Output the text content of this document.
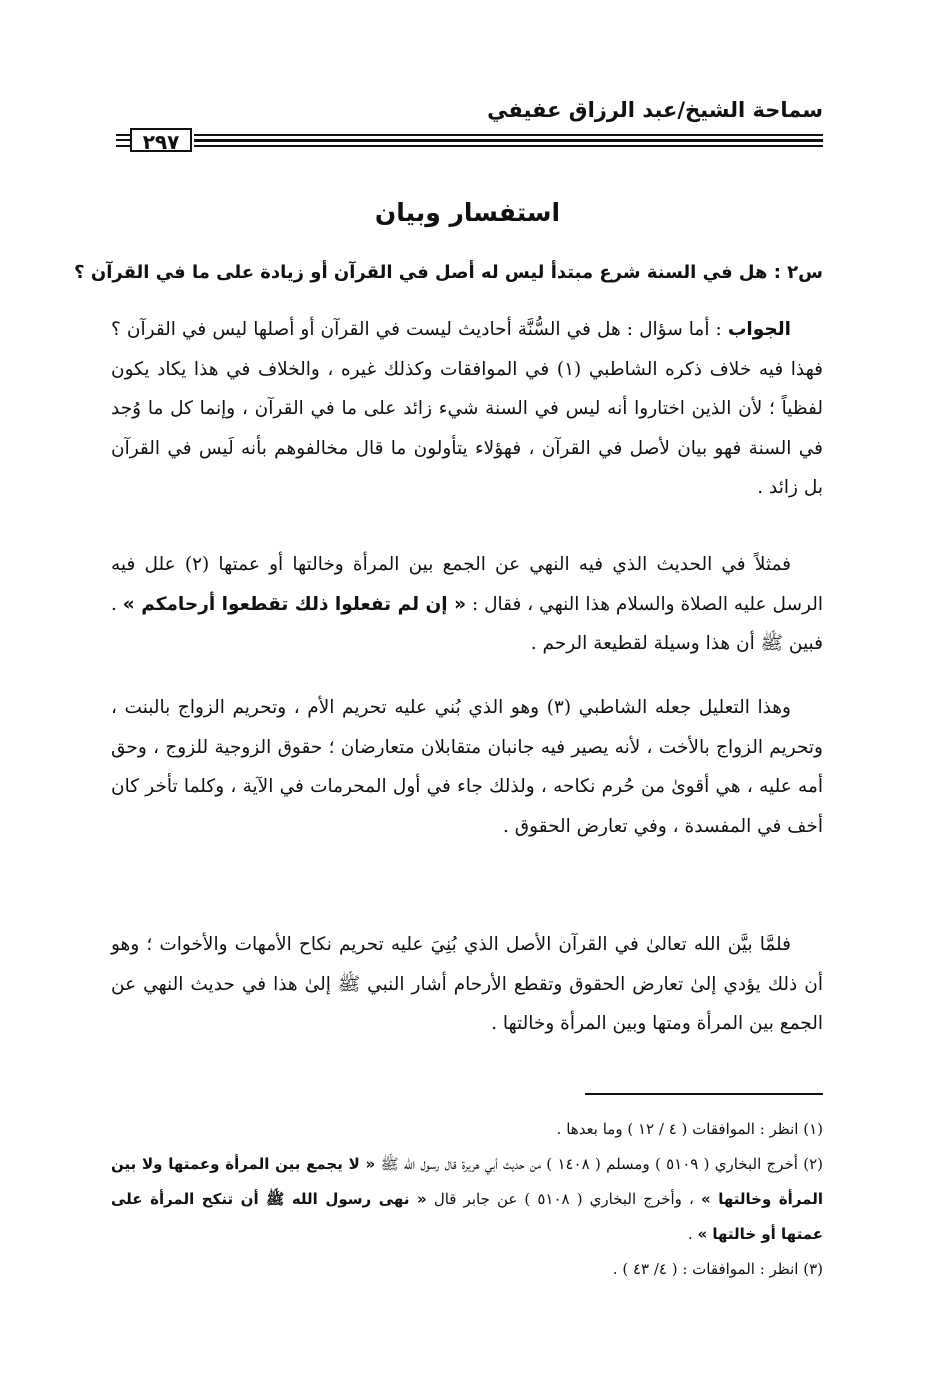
سماحة الشيخ/عبد الرزاق عفيفي
٢٩٧
استفسار وبيان
س٢ : هل في السنة شرع مبتدأ ليس له أصل في القرآن أو زيادة على ما في القرآن ؟

الجواب : أما سؤال : هل في السُّنَّة أحاديث ليست في القرآن أو أصلها ليس في القرآن ؟ فهذا فيه خلاف ذكره الشاطبي (١) في الموافقات وكذلك غيره ، والخلاف في هذا يكاد يكون لفظياً ؛ لأن الذين اختاروا أنه ليس في السنة شيء زائد على ما في القرآن ، وإنما كل ما وُجد في السنة فهو بيان لأصل في القرآن ، فهؤلاء يتأولون ما قال مخالفوهم بأنه لَيس في القرآن بل زائد .

فمثلاً في الحديث الذي فيه النهي عن الجمع بين المرأة وخالتها أو عمتها (٢) علل فيه الرسل عليه الصلاة والسلام هذا النهي ، فقال : « إن لم تفعلوا ذلك تقطعوا أرحامكم » . فبين ﷺ أن هذا وسيلة لقطيعة الرحم .

وهذا التعليل جعله الشاطبي (٣) وهو الذي بُني عليه تحريم الأم ، وتحريم الزواج بالبنت ، وتحريم الزواج بالأخت ، لأنه يصير فيه جانبان متقابلان متعارضان ؛ حقوق الزوجية للزوج ، وحق أمه عليه ، هي أقوىٰ من حُرم نكاحه ، ولذلك جاء في أول المحرمات في الآية ، وكلما تأخر كان أخف في المفسدة ، وفي تعارض الحقوق .

فلمَّا بيَّن الله تعالىٰ في القرآن الأصل الذي بُنِيَ عليه تحريم نكاح الأمهات والأخوات ؛ وهو أن ذلك يؤدي إلىٰ تعارض الحقوق وتقطع الأرحام أشار النبي ﷺ إلىٰ هذا في حديث النهي عن الجمع بين المرأة ومتها وبين المرأة وخالتها .

(١) انظر : الموافقات ( ٤ / ١٢ ) وما بعدها .

(٢) أخرج البخاري ( ٥١٠٩ ) ومسلم ( ١٤٠٨ ) من حديث أبي هريرة قال رسول الله ﷺ « لا يجمع بين المرأة وعمتها ولا بين المرأة وخالتها » ، وأخرج البخاري ( ٥١٠٨ ) عن جابر قال « نهى رسول الله ﷺ أن تنكح المرأة على عمتها أو خالتها » .

(٣) انظر : الموافقات : ( ٤/ ٤٣ ) .
